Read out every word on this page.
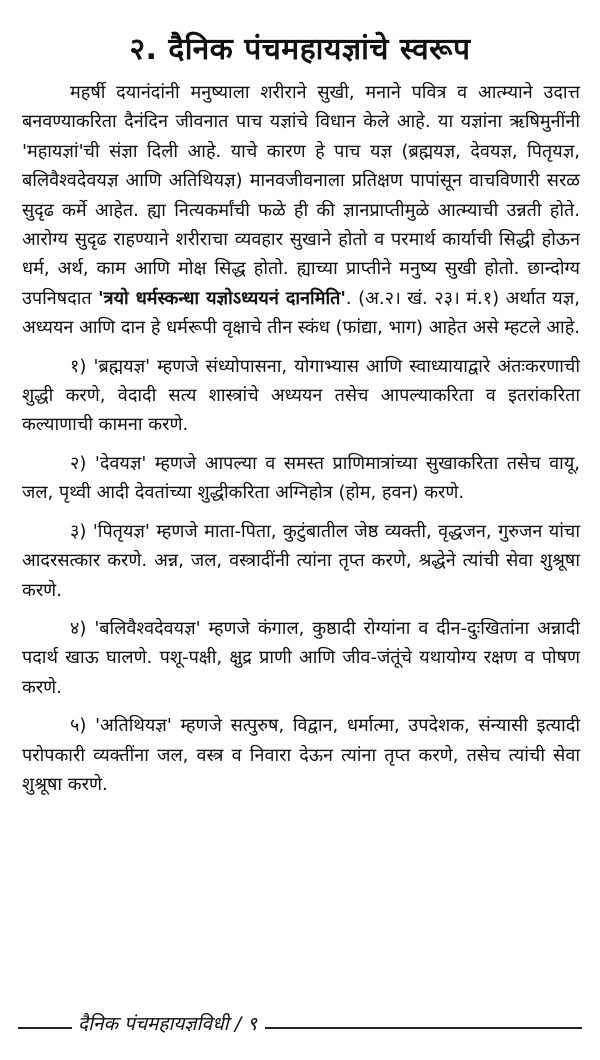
२. दैनिक पंचमहायज्ञांचे स्वरूप

महर्षी दयानंदांनी मनुष्याला शरीराने सुखी, मनाने पवित्र व आत्म्याने उदात्त बनवण्याकरिता दैनंदिन जीवनात पाच यज्ञांचे विधान केले आहे. या यज्ञांना ऋषिमुनींनी 'महायज्ञां'ची संज्ञा दिली आहे. याचे कारण हे पाच यज्ञ (ब्रह्मयज्ञ, देवयज्ञ, पितृयज्ञ, बलिवैश्वदेवयज्ञ आणि अतिथियज्ञ) मानवजीवनाला प्रतिक्षण पापांसून वाचविणारी सरळ सुदृढ कर्मे आहेत. ह्या नित्यकर्मांची फळे ही की ज्ञानप्राप्तीमुळे आत्म्याची उन्नती होते. आरोग्य सुदृढ राहण्याने शरीराचा व्यवहार सुखाने होतो व परमार्थ कार्याची सिद्धी होऊन धर्म, अर्थ, काम आणि मोक्ष सिद्ध होतो. ह्याच्या प्राप्तीने मनुष्य सुखी होतो. छान्दोग्य उपनिषदात 'त्रयो धर्मस्कन्धा यज्ञोऽध्ययनं दानमिति'. (अ.२। खं. २३। मं.१) अर्थात यज्ञ, अध्ययन आणि दान हे धर्मरूपी वृक्षाचे तीन स्कंध (फांद्या, भाग) आहेत असे म्हटले आहे.

१) 'ब्रह्मयज्ञ' म्हणजे संध्योपासना, योगाभ्यास आणि स्वाध्यायाद्वारे अंतःकरणाची शुद्धी करणे, वेदादी सत्य शास्त्रांचे अध्ययन तसेच आपल्याकरिता व इतरांकरिता कल्याणाची कामना करणे.

२) 'देवयज्ञ' म्हणजे आपल्या व समस्त प्राणिमात्रांच्या सुखाकरिता तसेच वायू, जल, पृथ्वी आदी देवतांच्या शुद्धीकरिता अग्निहोत्र (होम, हवन) करणे.

३) 'पितृयज्ञ' म्हणजे माता-पिता, कुटुंबातील जेष्ठ व्यक्ती, वृद्धजन, गुरुजन यांचा आदरसत्कार करणे. अन्न, जल, वस्त्रादींनी त्यांना तृप्त करणे, श्रद्धेने त्यांची सेवा शुश्रूषा करणे.

४) 'बलिवैश्वदेवयज्ञ' म्हणजे कंगाल, कुष्ठादी रोग्यांना व दीन-दुःखितांना अन्नादी पदार्थ खाऊ घालणे. पशू-पक्षी, क्षुद्र प्राणी आणि जीव-जंतूंचे यथायोग्य रक्षण व पोषण करणे.

५) 'अतिथियज्ञ' म्हणजे सत्पुरुष, विद्वान, धर्मात्मा, उपदेशक, संन्यासी इत्यादी परोपकारी व्यक्तींना जल, वस्त्र व निवारा देऊन त्यांना तृप्त करणे, तसेच त्यांची सेवा शुश्रूषा करणे.

दैनिक पंचमहायज्ञविधी / ९
